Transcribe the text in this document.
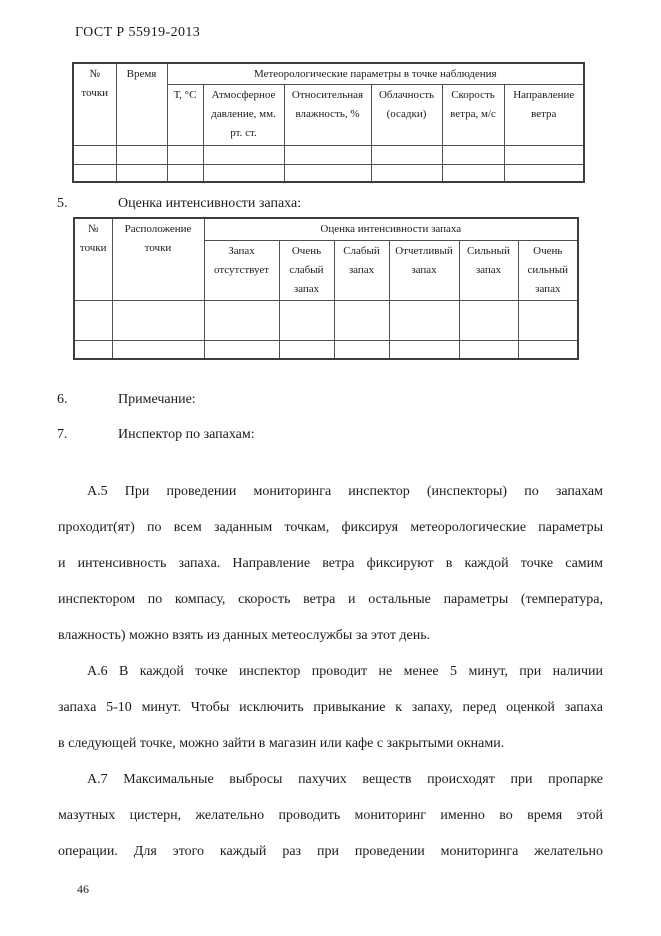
ГОСТ Р 55919-2013
№ точки	Время	Метеорологические параметры в точке наблюдения					
		Т, °С	Атмосферное давление, мм. рт. ст.	Относительная влажность, %	Облачность (осадки)	Скорость ветра, м/с	Направление ветра

5.	Оценка интенсивности запаха:
№ точки	Расположение точки	Оценка интенсивности запаха					
		Запах отсутствует	Очень слабый запах	Слабый запах	Отчетливый запах	Сильный запах	Очень сильный запах

6.	Примечание:
7.	Инспектор по запахам:
А.5 При проведении мониторинга инспектор (инспекторы) по запахам
проходит(ят) по всем заданным точкам, фиксируя метеорологические параметры
и интенсивность запаха. Направление ветра фиксируют в каждой точке самим
инспектором по компасу, скорость ветра и остальные параметры (температура,
влажность) можно взять из данных метеослужбы за этот день.
А.6 В каждой точке инспектор проводит не менее 5 минут, при наличии
запаха 5-10 минут. Чтобы исключить привыкание к запаху, перед оценкой запаха
в следующей точке, можно зайти в магазин или кафе с закрытыми окнами.
А.7 Максимальные выбросы пахучих веществ происходят при пропарке
мазутных цистерн, желательно проводить мониторинг именно во время этой
операции. Для этого каждый раз при проведении мониторинга желательно
46
